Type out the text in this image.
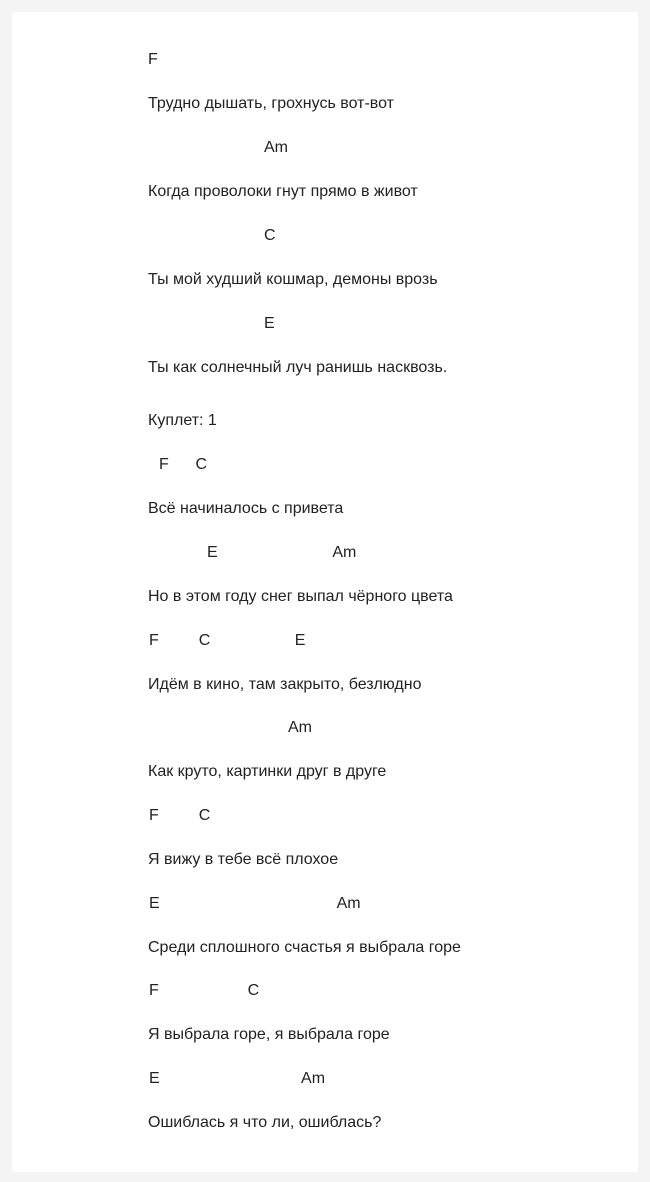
F

Трудно дышать, грохнусь вот-вот

Am

Когда проволоки гнут прямо в живот

C

Ты мой худший кошмар, демоны врозь

E

Ты как солнечный луч ранишь насквозь.

Куплет: 1

F      C

Всё начиналось с привета

E                          Am

Но в этом году снег выпал чёрного цвета

F         C                   E

Идём в кино, там закрыто, безлюдно

Am

Как круто, картинки друг в друге

F         C

Я вижу в тебе всё плохое

E                                        Am

Среди сплошного счастья я выбрала горе

F                    C

Я выбрала горе, я выбрала горе

E                                Am

Ошиблась я что ли, ошиблась?
